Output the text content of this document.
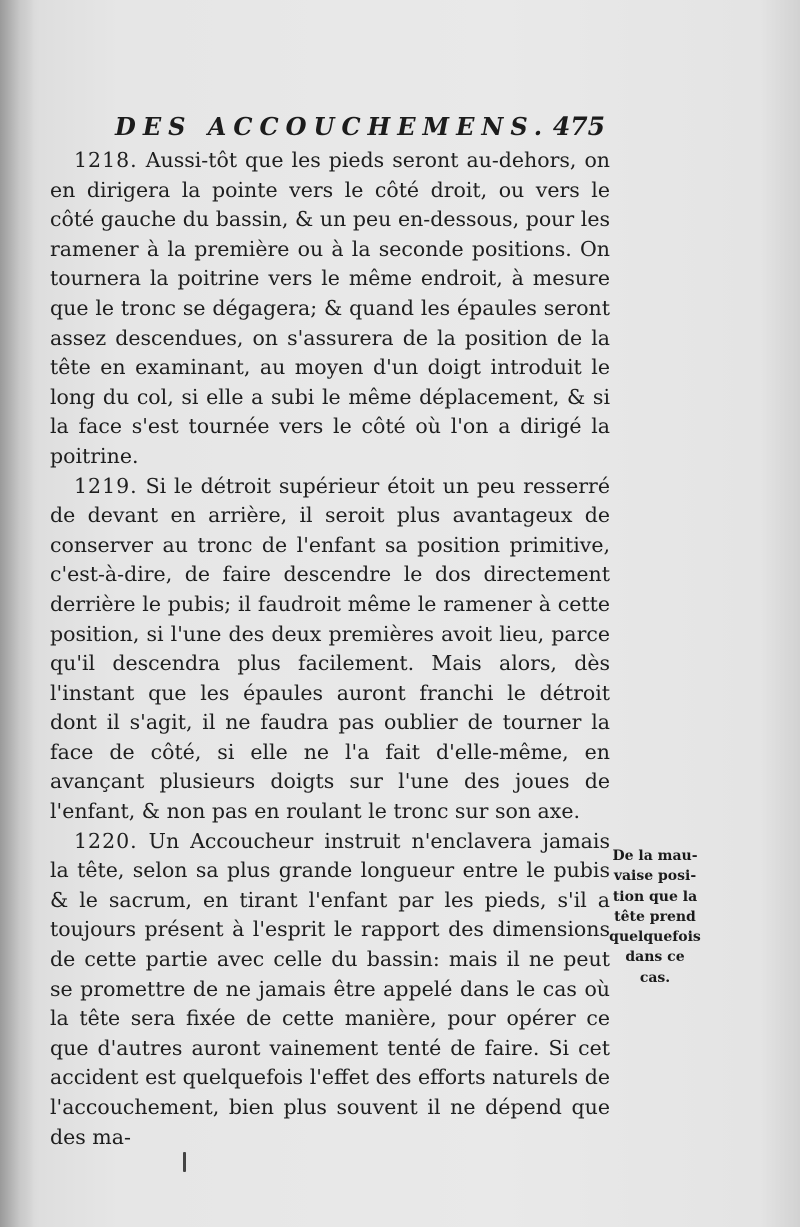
DES ACCOUCHEMENS. 475

1218. Aussi-tôt que les pieds seront au-dehors, on en dirigera la pointe vers le côté droit, ou vers le côté gauche du bassin, & un peu en-dessous, pour les ramener à la première ou à la seconde positions. On tournera la poitrine vers le même endroit, à mesure que le tronc se dégagera; & quand les épaules seront assez descendues, on s'assurera de la position de la tête en examinant, au moyen d'un doigt introduit le long du col, si elle a subi le même déplacement, & si la face s'est tournée vers le côté où l'on a dirigé la poitrine.

1219. Si le détroit supérieur étoit un peu resserré de devant en arrière, il seroit plus avantageux de conserver au tronc de l'enfant sa position primitive, c'est-à-dire, de faire descendre le dos directement derrière le pubis; il faudroit même le ramener à cette position, si l'une des deux premières avoit lieu, parce qu'il descendra plus facilement. Mais alors, dès l'instant que les épaules auront franchi le détroit dont il s'agit, il ne faudra pas oublier de tourner la face de côté, si elle ne l'a fait d'elle-même, en avançant plusieurs doigts sur l'une des joues de l'enfant, & non pas en roulant le tronc sur son axe.

1220. Un Accoucheur instruit n'enclavera jamais la tête, selon sa plus grande longueur entre le pubis & le sacrum, en tirant l'enfant par les pieds, s'il a toujours présent à l'esprit le rapport des dimensions de cette partie avec celle du bassin: mais il ne peut se promettre de ne jamais être appelé dans le cas où la tête sera fixée de cette manière, pour opérer ce que d'autres auront vainement tenté de faire. Si cet accident est quelquefois l'effet des efforts naturels de l'accouchement, bien plus souvent il ne dépend que des ma-

De la mau-
vaise posi-
tion que la
tête prend
quelquefois
dans ce cas.
